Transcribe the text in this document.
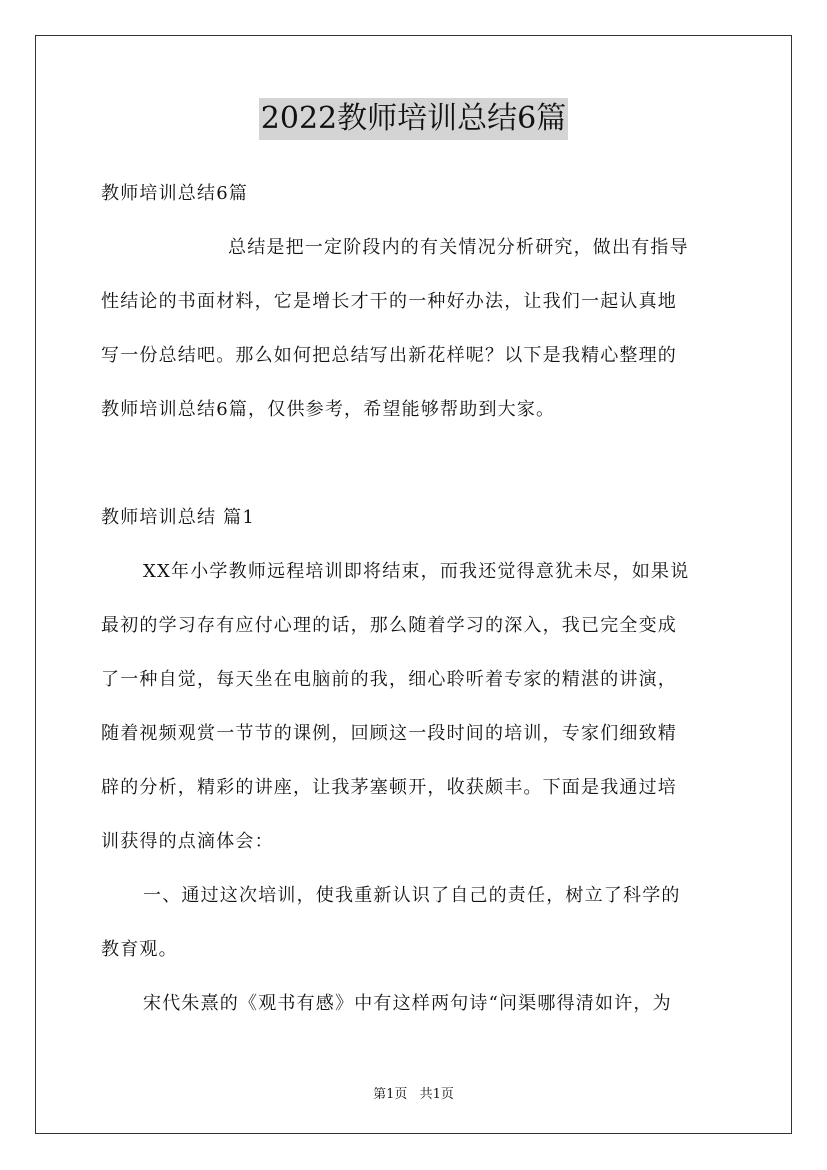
2022教师培训总结6篇
教师培训总结6篇
总结是把一定阶段内的有关情况分析研究，做出有指导
性结论的书面材料，它是增长才干的一种好办法，让我们一起认真地
写一份总结吧。那么如何把总结写出新花样呢？以下是我精心整理的
教师培训总结6篇，仅供参考，希望能够帮助到大家。
教师培训总结 篇1
XX年小学教师远程培训即将结束，而我还觉得意犹未尽，如果说
最初的学习存有应付心理的话，那么随着学习的深入，我已完全变成
了一种自觉，每天坐在电脑前的我，细心聆听着专家的精湛的讲演，
随着视频观赏一节节的课例，回顾这一段时间的培训，专家们细致精
辟的分析，精彩的讲座，让我茅塞顿开，收获颇丰。下面是我通过培
训获得的点滴体会：
一、通过这次培训，使我重新认识了自己的责任，树立了科学的
教育观。
宋代朱熹的《观书有感》中有这样两句诗“问渠哪得清如许，为
第1页 共1页
